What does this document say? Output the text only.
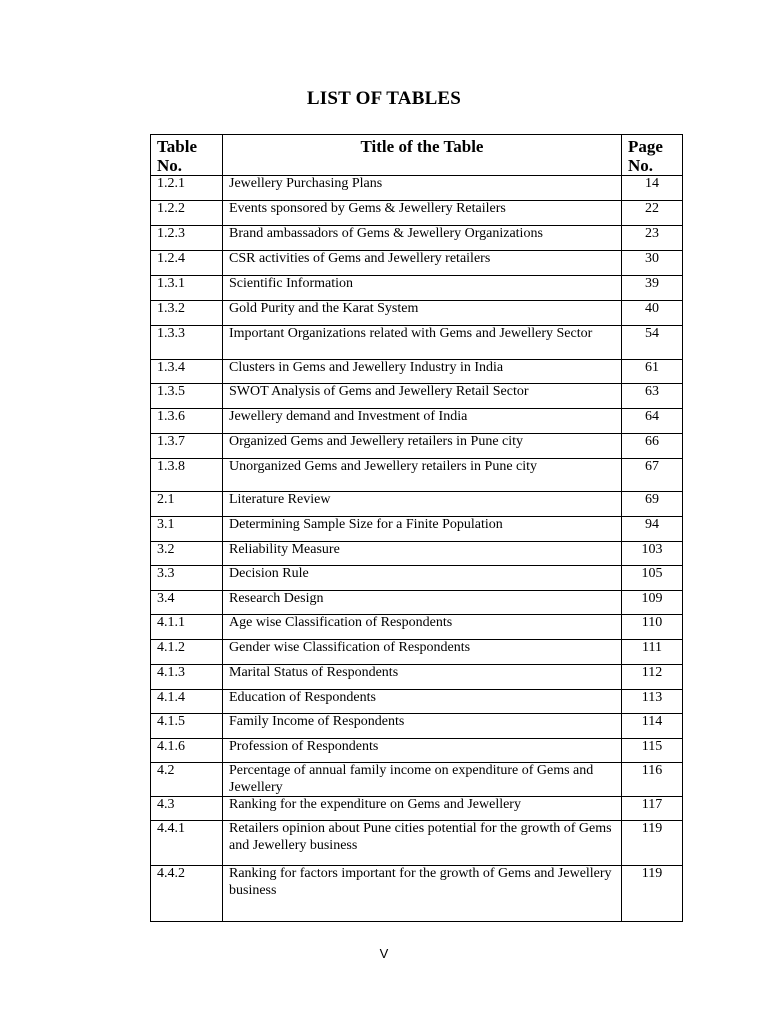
LIST OF TABLES
Table No.	Title of the Table	Page No.
1.2.1	Jewellery Purchasing Plans	14
1.2.2	Events sponsored by Gems & Jewellery Retailers	22
1.2.3	Brand ambassadors of Gems & Jewellery Organizations	23
1.2.4	CSR activities of Gems and Jewellery retailers	30
1.3.1	Scientific Information	39
1.3.2	Gold Purity and the Karat System	40
1.3.3	Important Organizations related with Gems and Jewellery Sector	54
1.3.4	Clusters in Gems and Jewellery Industry in India	61
1.3.5	SWOT Analysis of Gems and Jewellery Retail Sector	63
1.3.6	Jewellery demand and Investment of India	64
1.3.7	Organized Gems and Jewellery retailers in Pune city	66
1.3.8	Unorganized Gems and Jewellery retailers in Pune city	67
2.1	Literature Review	69
3.1	Determining Sample Size for a Finite Population	94
3.2	Reliability Measure	103
3.3	Decision Rule	105
3.4	Research Design	109
4.1.1	Age wise Classification of Respondents	110
4.1.2	Gender wise Classification of Respondents	111
4.1.3	Marital Status of Respondents	112
4.1.4	Education of Respondents	113
4.1.5	Family Income of Respondents	114
4.1.6	Profession of Respondents	115
4.2	Percentage of annual family income on expenditure of Gems and Jewellery	116
4.3	Ranking for the expenditure on Gems and Jewellery	117
4.4.1	Retailers opinion about Pune cities potential for the growth of Gems and Jewellery business	119
4.4.2	Ranking for factors important for the growth of Gems and Jewellery business	119
V
